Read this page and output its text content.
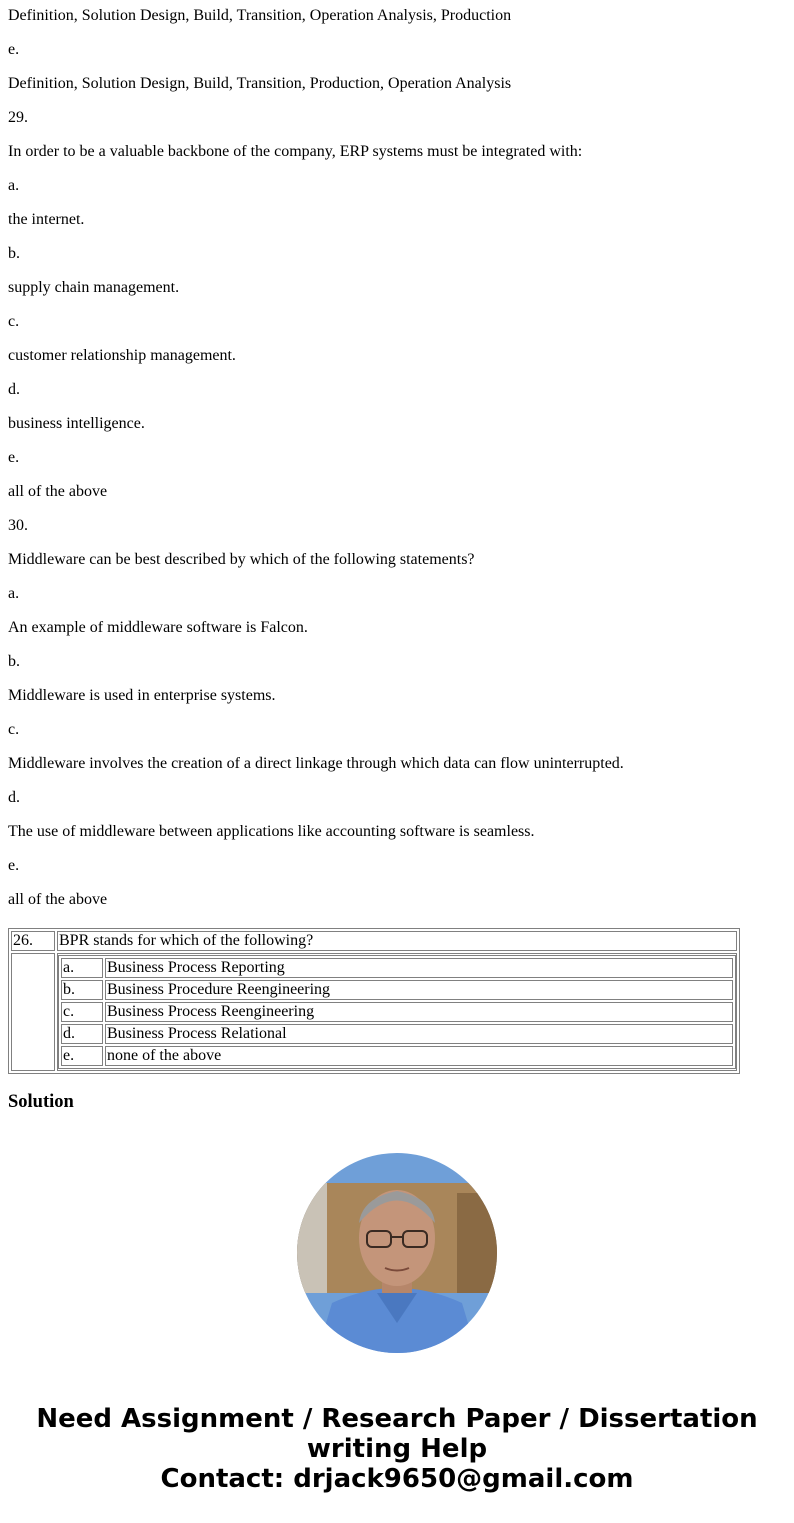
Definition, Solution Design, Build, Transition, Operation Analysis, Production
e.
Definition, Solution Design, Build, Transition, Production, Operation Analysis
29.
In order to be a valuable backbone of the company, ERP systems must be integrated with:
a.
the internet.
b.
supply chain management.
c.
customer relationship management.
d.
business intelligence.
e.
all of the above
30.
Middleware can be best described by which of the following statements?
a.
An example of middleware software is Falcon.
b.
Middleware is used in enterprise systems.
c.
Middleware involves the creation of a direct linkage through which data can flow uninterrupted.
d.
The use of middleware between applications like accounting software is seamless.
e.
all of the above
26.	BPR stands for which of the following?

a.	Business Process Reporting
b.	Business Procedure Reengineering
c.	Business Process Reengineering
d.	Business Process Relational
e.	none of the above
Solution
Need Assignment / Research Paper / Dissertation
writing Help
Contact: drjack9650@gmail.com
